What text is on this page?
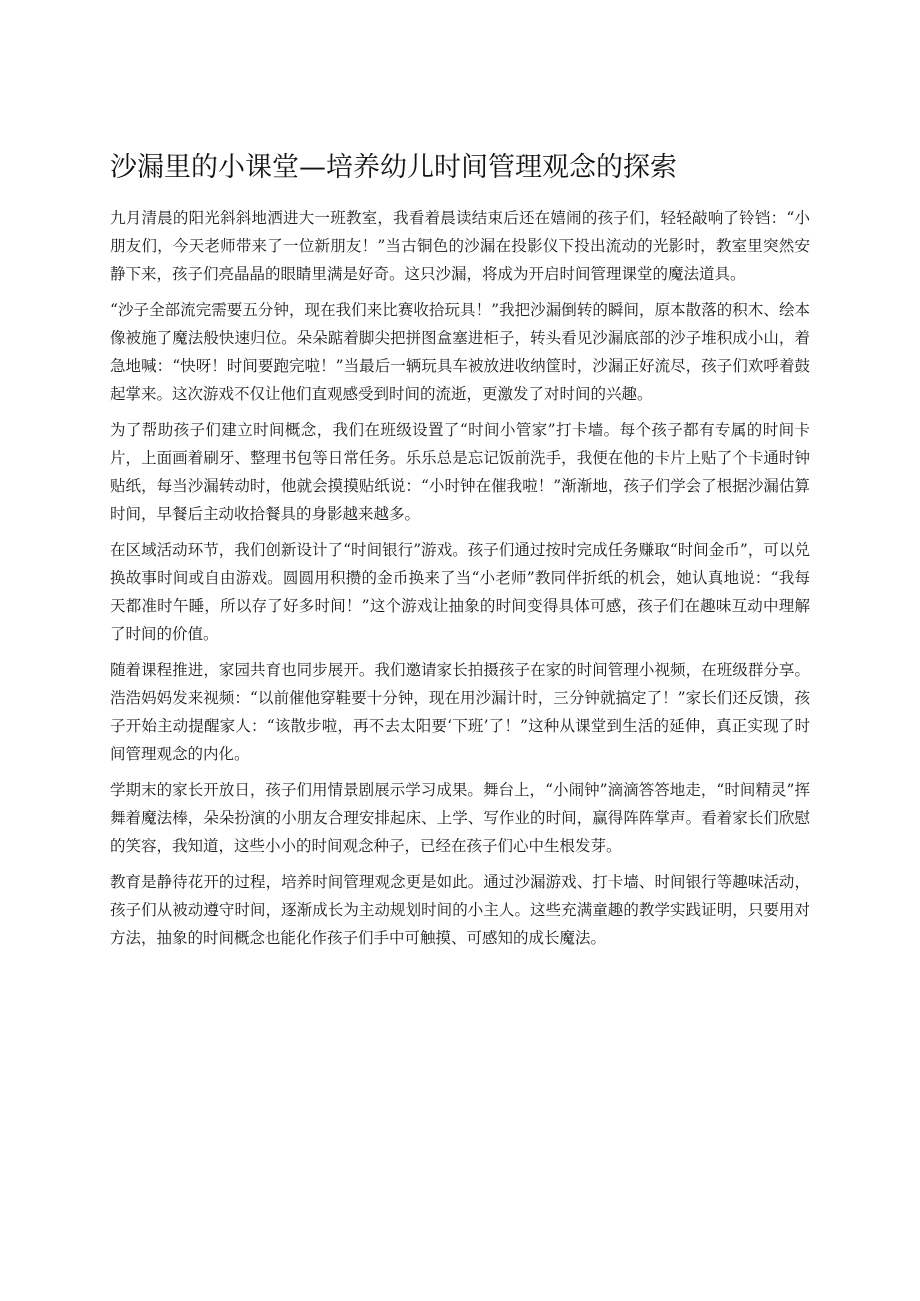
沙漏里的小课堂—培养幼儿时间管理观念的探索

九月清晨的阳光斜斜地洒进大一班教室，我看着晨读结束后还在嬉闹的孩子们，轻轻敲响了铃铛：“小朋友们，今天老师带来了一位新朋友！”当古铜色的沙漏在投影仪下投出流动的光影时，教室里突然安静下来，孩子们亮晶晶的眼睛里满是好奇。这只沙漏，将成为开启时间管理课堂的魔法道具。

“沙子全部流完需要五分钟，现在我们来比赛收拾玩具！”我把沙漏倒转的瞬间，原本散落的积木、绘本像被施了魔法般快速归位。朵朵踮着脚尖把拼图盒塞进柜子，转头看见沙漏底部的沙子堆积成小山，着急地喊：“快呀！时间要跑完啦！”当最后一辆玩具车被放进收纳筐时，沙漏正好流尽，孩子们欢呼着鼓起掌来。这次游戏不仅让他们直观感受到时间的流逝，更激发了对时间的兴趣。

为了帮助孩子们建立时间概念，我们在班级设置了“时间小管家”打卡墙。每个孩子都有专属的时间卡片，上面画着刷牙、整理书包等日常任务。乐乐总是忘记饭前洗手，我便在他的卡片上贴了个卡通时钟贴纸，每当沙漏转动时，他就会摸摸贴纸说：“小时钟在催我啦！”渐渐地，孩子们学会了根据沙漏估算时间，早餐后主动收拾餐具的身影越来越多。

在区域活动环节，我们创新设计了“时间银行”游戏。孩子们通过按时完成任务赚取“时间金币”，可以兑换故事时间或自由游戏。圆圆用积攒的金币换来了当“小老师”教同伴折纸的机会，她认真地说：“我每天都准时午睡，所以存了好多时间！”这个游戏让抽象的时间变得具体可感，孩子们在趣味互动中理解了时间的价值。

随着课程推进，家园共育也同步展开。我们邀请家长拍摄孩子在家的时间管理小视频，在班级群分享。浩浩妈妈发来视频：“以前催他穿鞋要十分钟，现在用沙漏计时，三分钟就搞定了！”家长们还反馈，孩子开始主动提醒家人：“该散步啦，再不去太阳要‘下班’了！”这种从课堂到生活的延伸，真正实现了时间管理观念的内化。

学期末的家长开放日，孩子们用情景剧展示学习成果。舞台上，“小闹钟”滴滴答答地走，“时间精灵”挥舞着魔法棒，朵朵扮演的小朋友合理安排起床、上学、写作业的时间，赢得阵阵掌声。看着家长们欣慰的笑容，我知道，这些小小的时间观念种子，已经在孩子们心中生根发芽。

教育是静待花开的过程，培养时间管理观念更是如此。通过沙漏游戏、打卡墙、时间银行等趣味活动，孩子们从被动遵守时间，逐渐成长为主动规划时间的小主人。这些充满童趣的教学实践证明，只要用对方法，抽象的时间概念也能化作孩子们手中可触摸、可感知的成长魔法。
